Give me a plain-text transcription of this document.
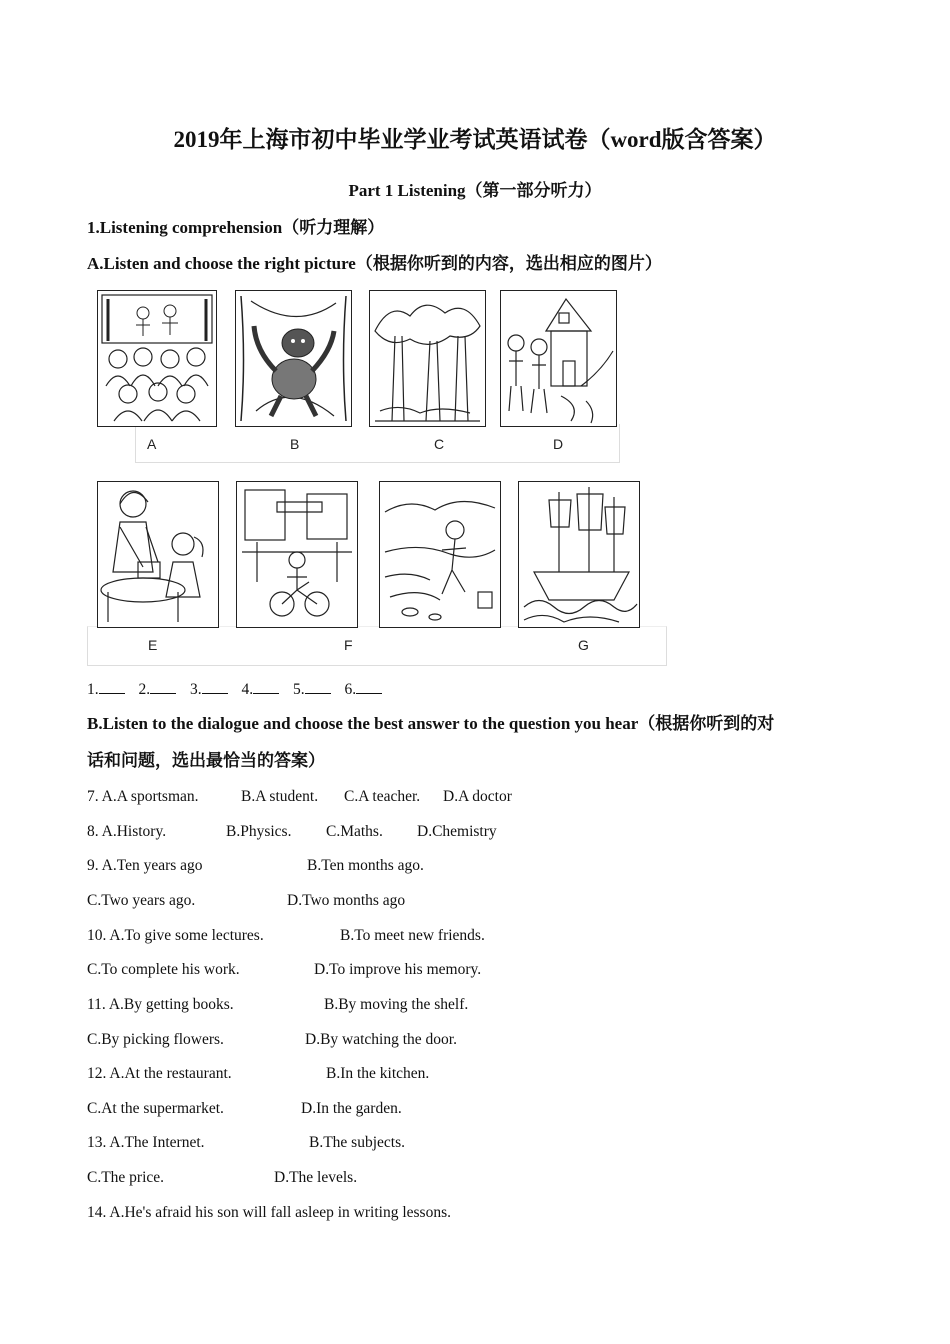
2019年上海市初中毕业学业考试英语试卷（word版含答案）
Part 1 Listening（第一部分听力）
1.Listening comprehension（听力理解）
A.Listen and choose the right picture（根据你听到的内容，选出相应的图片）
A	B	C	D
E	F	G
1.	2.	3.	4.	5.	6.
B.Listen to the dialogue and choose the best answer to the question you hear（根据你听到的对
话和问题，选出最恰当的答案）
7. A.A sportsman.	B.A student. C.A teacher. D.A doctor
8. A.History.	B.Physics. C.Maths. D.Chemistry
9. A.Ten years ago	B.Ten months ago.
C.Two years ago.	D.Two months ago
10. A.To give some lectures.	B.To meet new friends.
C.To complete his work.	D.To improve his memory.
11. A.By getting books.	B.By moving the shelf.
C.By picking flowers.	D.By watching the door.
12. A.At the restaurant.	B.In the kitchen.
C.At the supermarket.	D.In the garden.
13. A.The Internet.	B.The subjects.
C.The price.	D.The levels.
14. A.He's afraid his son will fall asleep in writing lessons.
